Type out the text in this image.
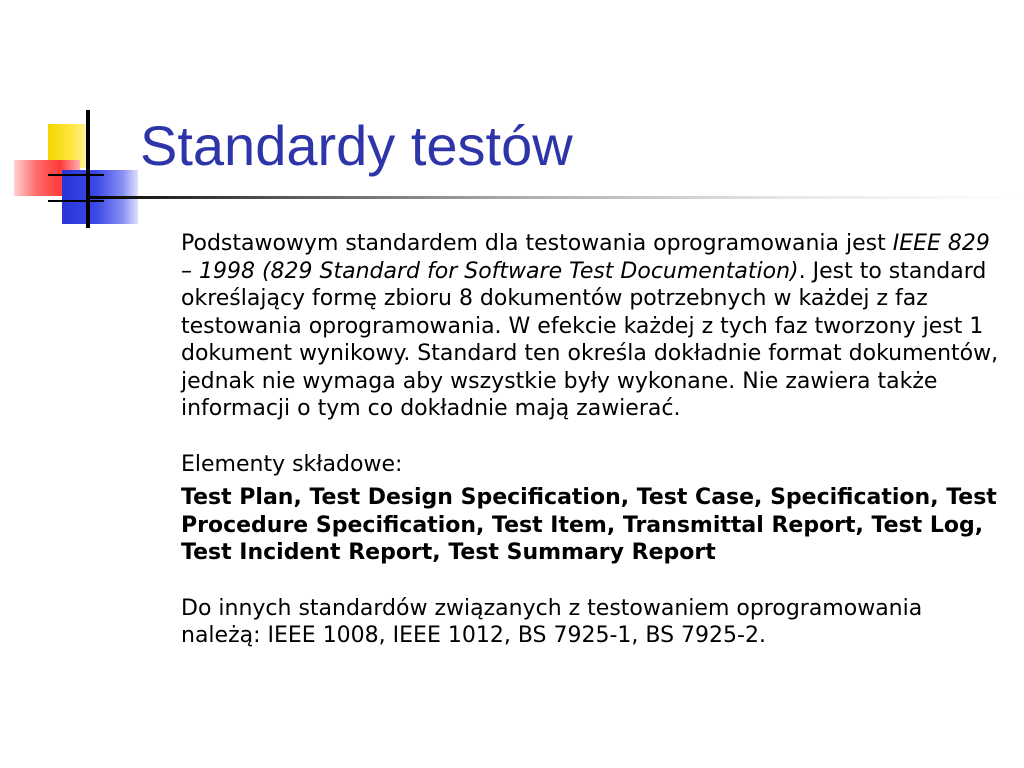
Standardy testów

Podstawowym standardem dla testowania oprogramowania jest IEEE 829 – 1998 (829 Standard for Software Test Documentation). Jest to standard określający formę zbioru 8 dokumentów potrzebnych w każdej z faz testowania oprogramowania. W efekcie każdej z tych faz tworzony jest 1 dokument wynikowy. Standard ten określa dokładnie format dokumentów, jednak nie wymaga aby wszystkie były wykonane. Nie zawiera także informacji o tym co dokładnie mają zawierać.

Elementy składowe:

Test Plan, Test Design Specification, Test Case, Specification, Test Procedure Specification, Test Item, Transmittal Report, Test Log, Test Incident Report, Test Summary Report

Do innych standardów związanych z testowaniem oprogramowania należą: IEEE 1008, IEEE 1012, BS 7925-1, BS 7925-2.
